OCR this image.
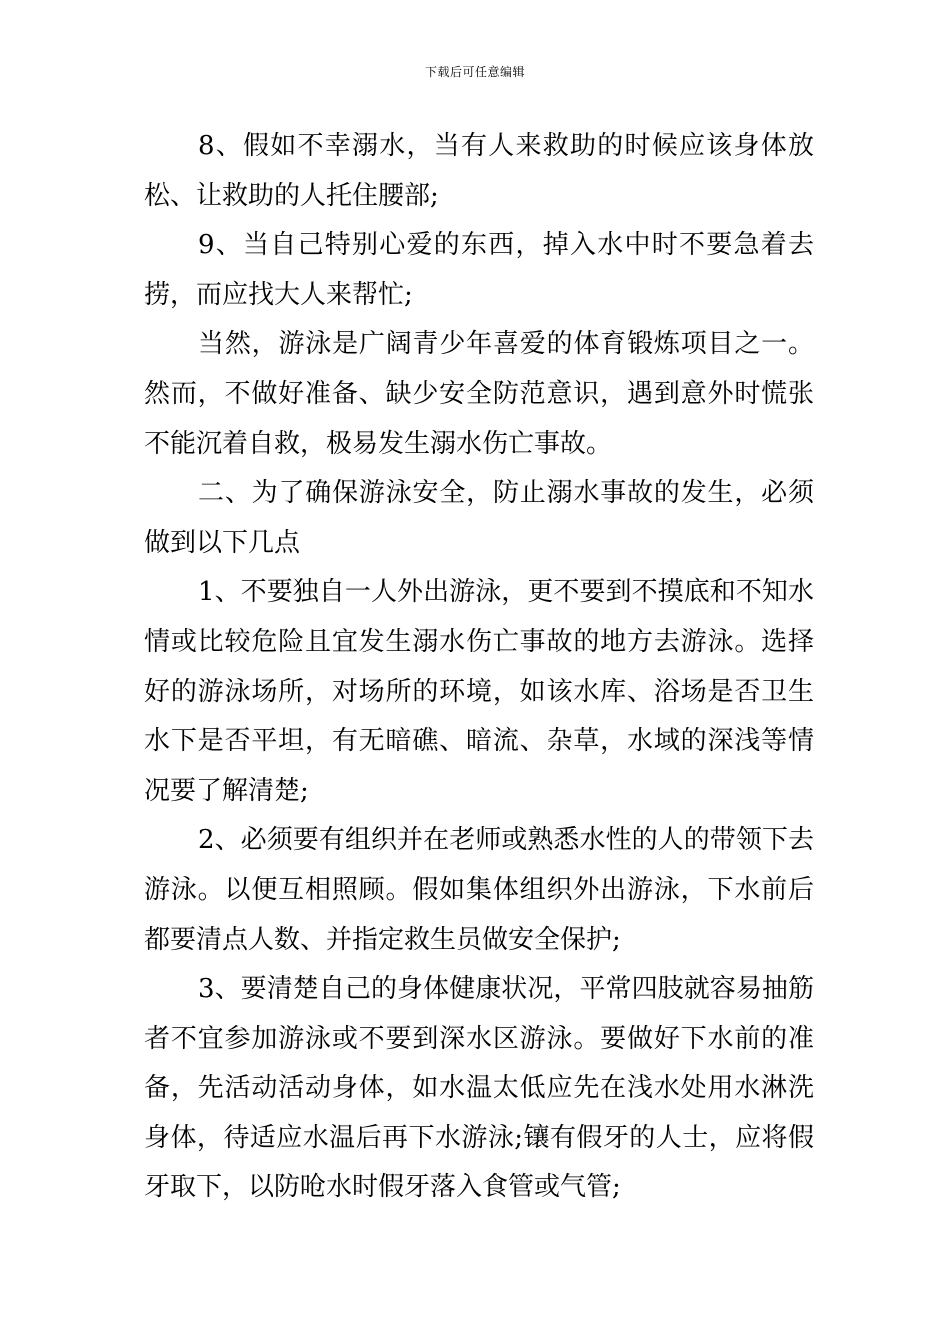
下载后可任意编辑

8、假如不幸溺水，当有人来救助的时候应该身体放松、让救助的人托住腰部;

9、当自己特别心爱的东西，掉入水中时不要急着去捞，而应找大人来帮忙;

当然，游泳是广阔青少年喜爱的体育锻炼项目之一。然而，不做好准备、缺少安全防范意识，遇到意外时慌张不能沉着自救，极易发生溺水伤亡事故。

二、为了确保游泳安全，防止溺水事故的发生，必须做到以下几点

1、不要独自一人外出游泳，更不要到不摸底和不知水情或比较危险且宜发生溺水伤亡事故的地方去游泳。选择好的游泳场所，对场所的环境，如该水库、浴场是否卫生水下是否平坦，有无暗礁、暗流、杂草，水域的深浅等情况要了解清楚;

2、必须要有组织并在老师或熟悉水性的人的带领下去游泳。以便互相照顾。假如集体组织外出游泳，下水前后都要清点人数、并指定救生员做安全保护;

3、要清楚自己的身体健康状况，平常四肢就容易抽筋者不宜参加游泳或不要到深水区游泳。要做好下水前的准备，先活动活动身体，如水温太低应先在浅水处用水淋洗身体，待适应水温后再下水游泳;镶有假牙的人士，应将假牙取下，以防呛水时假牙落入食管或气管;
